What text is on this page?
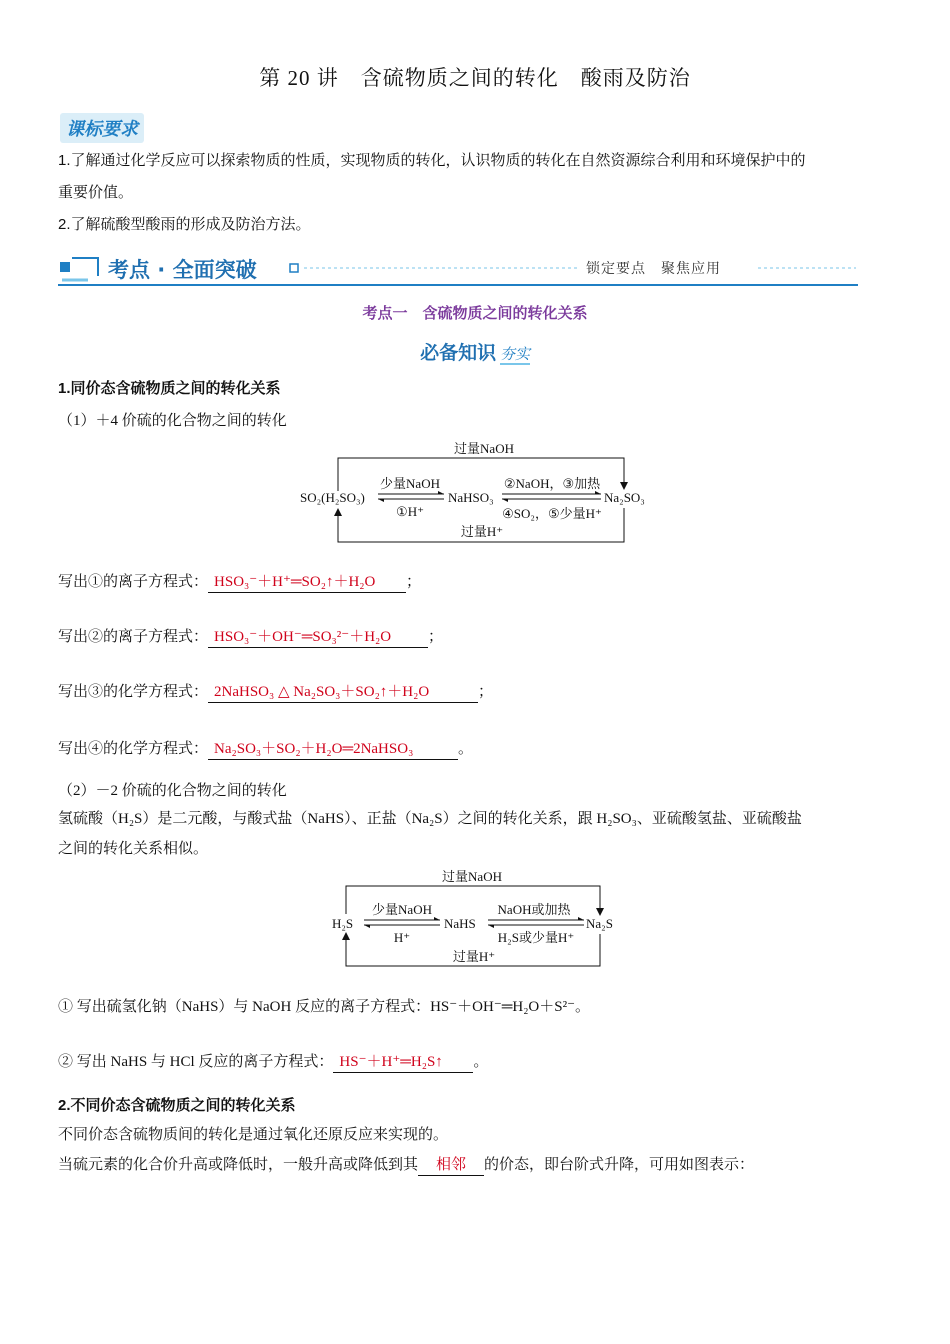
第 20 讲　含硫物质之间的转化　酸雨及防治
课标要求
1.了解通过化学反应可以探索物质的性质，实现物质的转化，认识物质的转化在自然资源综合利用和环境保护中的
重要价值。
2.了解硫酸型酸雨的形成及防治方法。
考点 · 全面突破	锁定要点　聚焦应用
考点一　含硫物质之间的转化关系
必备知识 夯实
1.同价态含硫物质之间的转化关系
（1）＋4 价硫的化合物之间的转化
过量NaOH
SO₂(H₂SO₃)	NaHSO₃	Na₂SO₃
少量NaOH
①H⁺
②NaOH，③加热
④SO₂，⑤少量H⁺
过量H⁺
写出①的离子方程式： HSO₃⁻＋H⁺═SO₂↑＋H₂O ；
写出②的离子方程式： HSO₃⁻＋OH⁻═SO₃²⁻＋H₂O ；
写出③的化学方程式： 2NaHSO₃ △ Na₂SO₃＋SO₂↑＋H₂O	；
写出④的化学方程式： Na₂SO₃＋SO₂＋H₂O═2NaHSO₃	。
（2）－2 价硫的化合物之间的转化
氢硫酸（H₂S）是二元酸，与酸式盐（NaHS）、正盐（Na₂S）之间的转化关系，跟 H₂SO₃、亚硫酸氢盐、亚硫酸盐
之间的转化关系相似。
过量NaOH
H₂S	NaHS	Na₂S
少量NaOH
H⁺
NaOH或加热
H₂S或少量H⁺
过量H⁺
① 写出硫氢化钠（NaHS）与 NaOH 反应的离子方程式：HS⁻＋OH⁻═H₂O＋S²⁻。
② 写出 NaHS 与 HCl 反应的离子方程式： HS⁻＋H⁺═H₂S↑ 。
2.不同价态含硫物质之间的转化关系
不同价态含硫物质间的转化是通过氧化还原反应来实现的。
当硫元素的化合价升高或降低时，一般升高或降低到其 相邻 的价态，即台阶式升降，可用如图表示：
